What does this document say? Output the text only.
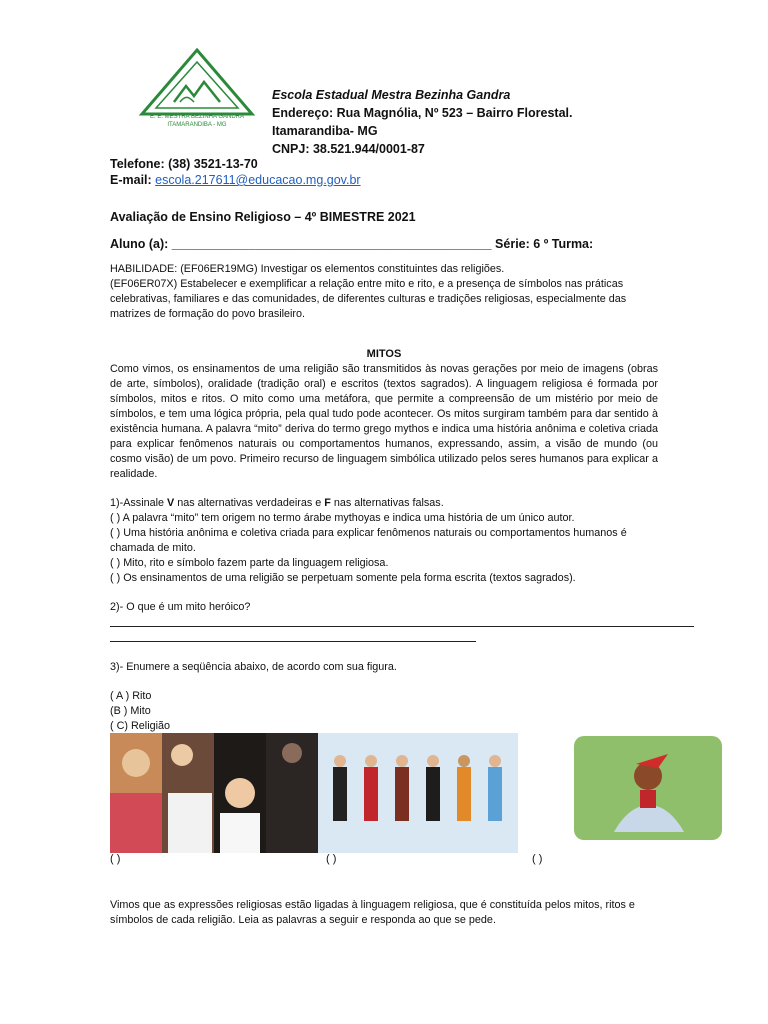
E. E. MESTRA BEZINHA GANDRA
ITAMARANDIBA - MG
Escola Estadual Mestra Bezinha Gandra
Endereço: Rua Magnólia, Nº 523 – Bairro Florestal.
Itamarandiba- MG
CNPJ: 38.521.944/0001-87
Telefone: (38) 3521-13-70
E-mail: escola.217611@educacao.mg.gov.br
Avaliação de Ensino Religioso – 4º BIMESTRE 2021
Aluno (a): ______________________________________________ Série: 6 º Turma:

HABILIDADE: (EF06ER19MG) Investigar os elementos constituintes das religiões.

(EF06ER07X) Estabelecer e exemplificar a relação entre mito e rito, e a presença de símbolos nas práticas celebrativas, familiares e das comunidades, de diferentes culturas e tradições religiosas, especialmente das matrizes de formação do povo brasileiro.

MITOS
Como vimos, os ensinamentos de uma religião são transmitidos às novas gerações por meio de imagens (obras de arte, símbolos), oralidade (tradição oral) e escritos (textos sagrados). A linguagem religiosa é formada por símbolos, mitos e ritos. O mito como uma metáfora, que permite a compreensão de um mistério por meio de símbolos, e tem uma lógica própria, pela qual tudo pode acontecer. Os mitos surgiram também para dar sentido à existência humana. A palavra “mito” deriva do termo grego mythos e indica uma história anônima e coletiva criada para explicar fenômenos naturais ou comportamentos humanos, expressando, assim, a visão de mundo (ou cosmo visão) de um povo. Primeiro recurso de linguagem simbólica utilizado pelos seres humanos para explicar a realidade.
1)-Assinale V nas alternativas verdadeiras e F nas alternativas falsas.
( ) A palavra “mito” tem origem no termo árabe mythoyas e indica uma história de um único autor.
( ) Uma história anônima e coletiva criada para explicar fenômenos naturais ou comportamentos humanos é chamada de mito.
( ) Mito, rito e símbolo fazem parte da linguagem religiosa.
( ) Os ensinamentos de uma religião se perpetuam somente pela forma escrita (textos sagrados).
2)- O que é um mito heróico?
3)- Enumere a seqüência abaixo, de acordo com sua figura.
( A ) Rito
(B ) Mito
( C) Religião
( )	( )	( )
Vimos que as expressões religiosas estão ligadas à linguagem religiosa, que é constituída pelos mitos, ritos e símbolos de cada religião. Leia as palavras a seguir e responda ao que se pede.
